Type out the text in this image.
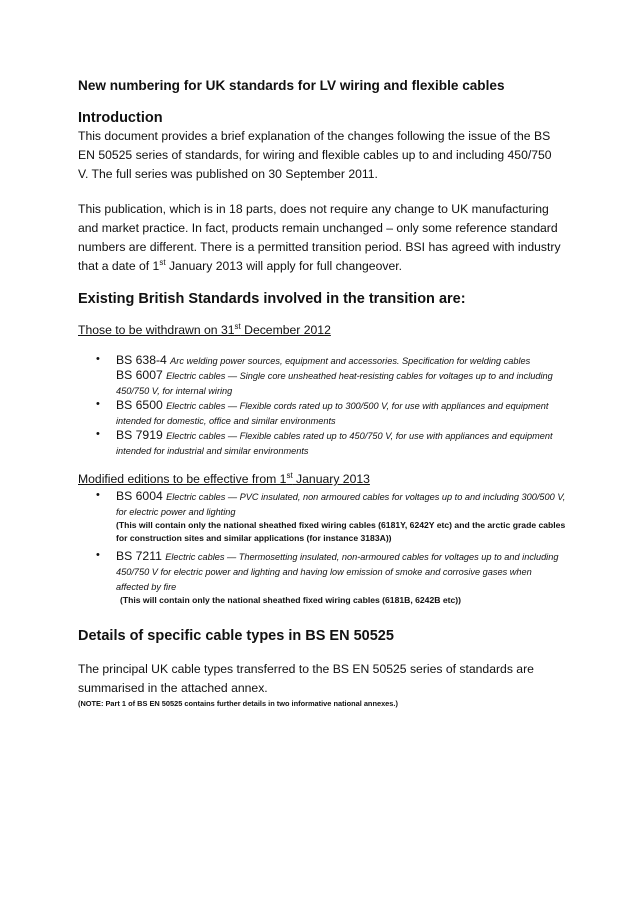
New numbering for UK standards for LV wiring and flexible cables
Introduction
This document provides a brief explanation of the changes following the issue of the BS EN 50525 series of standards, for wiring and flexible cables up to and including 450/750 V. The full series was published on 30 September 2011.
This publication, which is in 18 parts, does not require any change to UK manufacturing and market practice. In fact, products remain unchanged – only some reference standard numbers are different. There is a permitted transition period. BSI has agreed with industry that a date of 1st January 2013 will apply for full changeover.
Existing British Standards involved in the transition are:
Those to be withdrawn on 31st December 2012
• BS 638-4 Arc welding power sources, equipment and accessories. Specification for welding cables
BS 6007 Electric cables — Single core unsheathed heat-resisting cables for voltages up to and including 450/750 V, for internal wiring
• BS 6500 Electric cables — Flexible cords rated up to 300/500 V, for use with appliances and equipment intended for domestic, office and similar environments
• BS 7919 Electric cables — Flexible cables rated up to 450/750 V, for use with appliances and equipment intended for industrial and similar environments
Modified editions to be effective from 1st January 2013
• BS 6004 Electric cables — PVC insulated, non armoured cables for voltages up to and including 300/500 V, for electric power and lighting
(This will contain only the national sheathed fixed wiring cables (6181Y, 6242Y etc) and the arctic grade cables for construction sites and similar applications (for instance 3183A))
• BS 7211 Electric cables — Thermosetting insulated, non-armoured cables for voltages up to and including 450/750 V for electric power and lighting and having low emission of smoke and corrosive gases when affected by fire
(This will contain only the national sheathed fixed wiring cables (6181B, 6242B etc))
Details of specific cable types in BS EN 50525
The principal UK cable types transferred to the BS EN 50525 series of standards are summarised in the attached annex.
(NOTE: Part 1 of BS EN 50525 contains further details in two informative national annexes.)
